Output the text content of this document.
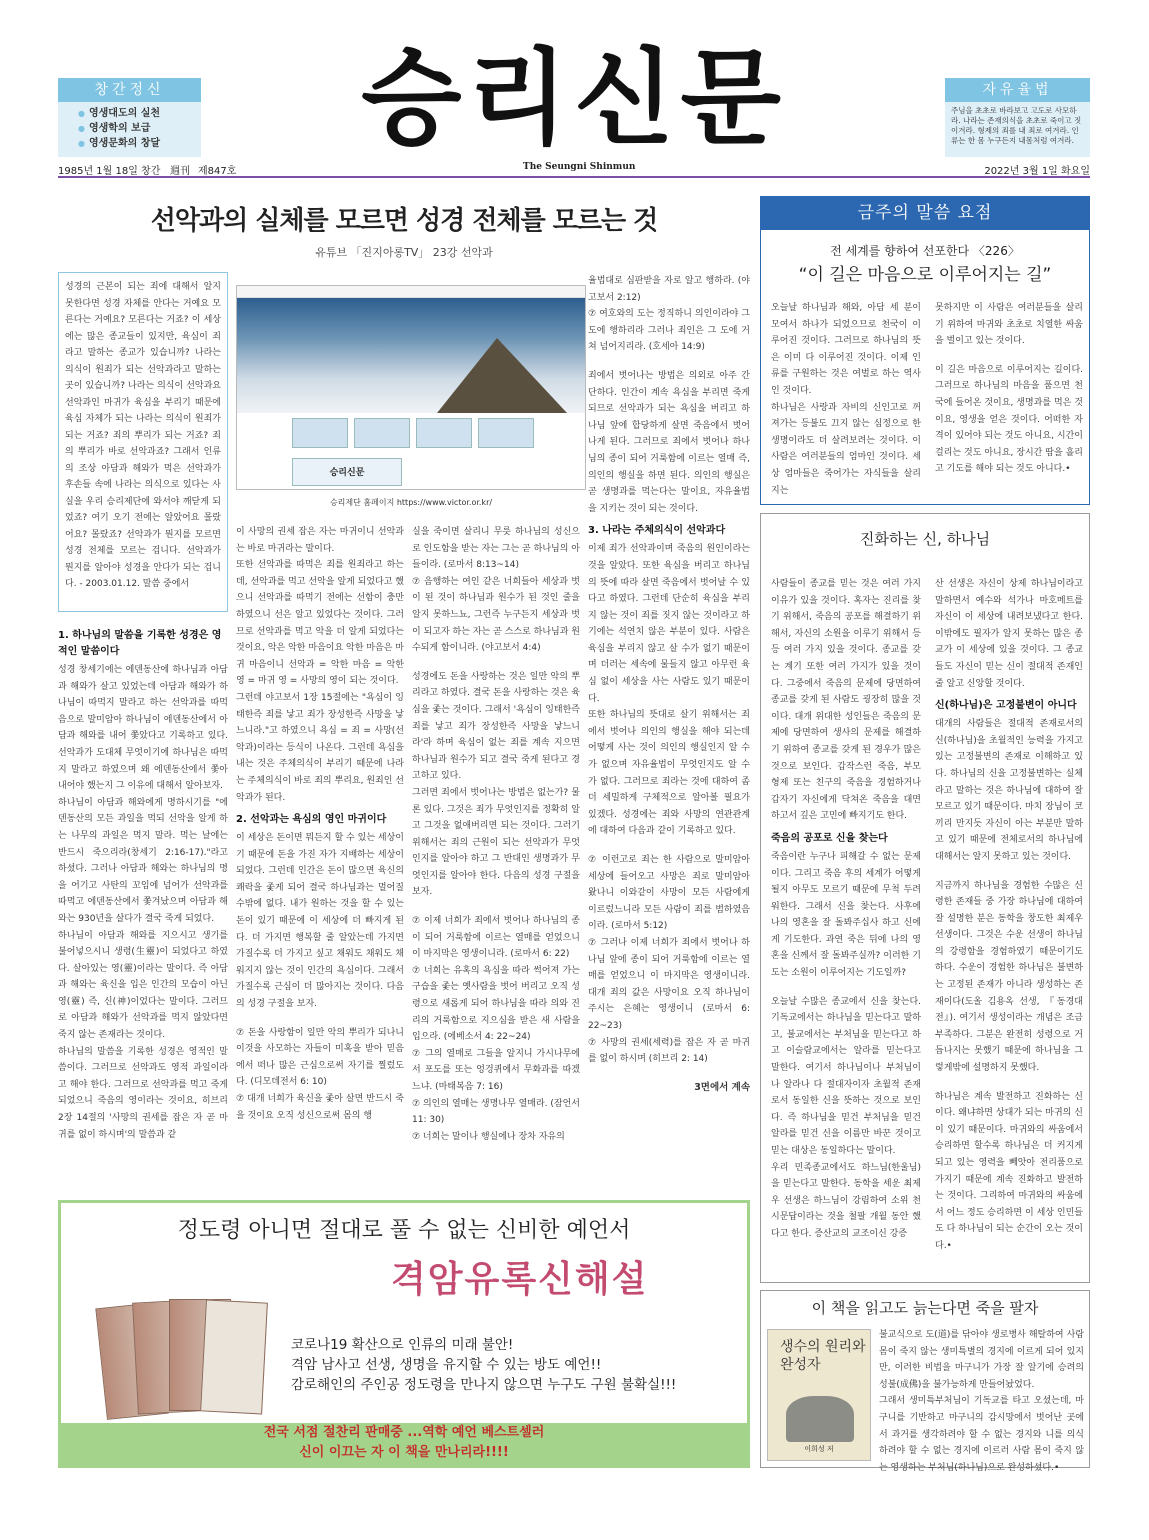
창간정신
● 영생대도의 실천
● 영생학의 보급
● 영생문화의 창달	승리신문	자유율법
주님을 초초로 바라보고 고도로 사모하라. 나라는 존재의식을 초초로 죽이고 짓이겨라. 형제의 죄를 내 죄로 여겨라. 인류는 한 몸 누구든지 내몸처럼 여겨라.
1985년 1월 18일 창간 週刊 제847호	The Seungni Shinmun	2022년 3월 1일 화요일
선악과의 실체를 모르면 성경 전체를 모르는 것
유튜브 「진지아롱TV」 23강 선악과

성경의 근본이 되는 죄에 대해서 알지 못한다면 성경 자체를 안다는 거예요 모른다는 거예요? 모른다는 거죠? 이 세상에는 많은 종교들이 있지만, 육심이 죄라고 말하는 종교가 있습니까? 나라는 의식이 원죄가 되는 선악과라고 말하는 곳이 있습니까? 나라는 의식이 선악과요 선악과인 마귀가 육심을 부리기 때문에 육심 자체가 되는 나라는 의식이 원죄가 되는 거죠? 죄의 뿌리가 되는 거죠? 죄의 뿌리가 바로 선악과죠? 그래서 인류의 조상 아담과 해와가 먹은 선악과가 후손들 속에 나라는 의식으로 있다는 사실을 우리 승리제단에 와서야 깨닫게 되었죠? 여기 오기 전에는 알았어요 몰랐어요? 몰랐죠? 선악과가 뭔지를 모르면 성경 전체를 모르는 겁니다. 선악과가 뭔지를 알아야 성경을 안다가 되는 겁니다. - 2003.01.12. 말씀 중에서

승리신문
승리제단 홈페이지 https://www.victor.or.kr/
1. 하나님의 말씀을 기록한 성경은 영적인 말씀이다

성경 창세기에는 에덴동산에 하나님과 아담과 해와가 살고 있었는데 아담과 해와가 하나님이 따먹지 말라고 하는 선악과를 따먹음으로 말미암아 하나님이 에덴동산에서 아담과 해와를 내어 쫓았다고 기록하고 있다. 선악과가 도대체 무엇이기에 하나님은 따먹지 말라고 하였으며 왜 에덴동산에서 쫓아내어야 했는지 그 이유에 대해서 알아보자.

하나님이 아담과 해와에게 명하시기를 "에덴동산의 모든 과일을 먹되 선악을 알게 하는 나무의 과일은 먹지 말라. 먹는 날에는 반드시 죽으리라(창세기 2:16-17)."라고 하셨다. 그러나 아담과 해와는 하나님의 명을 어기고 사탄의 꼬임에 넘어가 선악과를 따먹고 에덴동산에서 쫓겨났으며 아담과 해와는 930년을 살다가 결국 죽게 되었다.

하나님이 아담과 해와를 지으시고 생기를 불어넣으시니 생령(生靈)이 되었다고 하였다. 살아있는 영(靈)이라는 말이다. 즉 아담과 해와는 육신을 입은 인간의 모습이 아닌 영(靈) 즉, 신(神)이었다는 말이다. 그러므로 아담과 해와가 선악과를 먹지 않았다면 죽지 않는 존재라는 것이다.

하나님의 말씀을 기록한 성경은 영적인 말씀이다. 그러므로 선악과도 영적 과일이라고 해야 한다. 그러므로 선악과를 먹고 죽게 되었으니 죽음의 영이라는 것이요, 히브리 2장 14절의 '사망의 권세를 잡은 자 곧 마귀를 없이 하시며'의 말씀과 같

이 사망의 권세 잡은 자는 마귀이니 선악과는 바로 마귀라는 말이다.

또한 선악과를 따먹은 죄를 원죄라고 하는데, 선악과를 먹고 선악을 알게 되었다고 했으니 선악과를 따먹기 전에는 선함이 충만하였으니 선은 알고 있었다는 것이다. 그러므로 선악과를 먹고 악을 더 알게 되었다는 것이요, 악은 악한 마음이요 악한 마음은 마귀 마음이니 선악과 = 악한 마음 = 악한 영 = 마귀 영 = 사망의 영이 되는 것이다.

그런데 야고보서 1장 15절에는 "욕심이 잉태한즉 죄를 낳고 죄가 장성한즉 사망을 낳느니라."고 하였으니 욕심 = 죄 = 사망(선악과)이라는 등식이 나온다. 그런데 욕심을 내는 것은 주체의식이 부리기 때문에 나라는 주체의식이 바로 죄의 뿌리요, 원죄인 선악과가 된다.

2. 선악과는 욕심의 영인 마귀이다

이 세상은 돈이면 뭐든지 할 수 있는 세상이기 때문에 돈을 가진 자가 지배하는 세상이 되었다. 그런데 인간은 돈이 많으면 육신의 쾌락을 좇게 되어 결국 하나님과는 멀어질 수밖에 없다. 내가 원하는 것을 할 수 있는 돈이 있기 때문에 이 세상에 더 빠지게 된다. 더 가지면 행복할 줄 알았는데 가지면 가질수록 더 가지고 싶고 채워도 채워도 채워지지 않는 것이 인간의 욕심이다. 그래서 가질수록 근심이 더 많아지는 것이다. 다음의 성경 구절을 보자.

⑦ 돈을 사랑함이 일만 악의 뿌리가 되나니 이것을 사모하는 자들이 미혹을 받아 믿음에서 떠나 많은 근심으로써 자기를 찔렀도다. (디모데전서 6: 10)

⑦ 대개 너희가 육신을 좇아 살면 반드시 죽을 것이요 오직 성신으로써 몸의 행

실을 죽이면 살리니 무릇 하나님의 성신으로 인도함을 받는 자는 그는 곧 하나님의 아들이라. (로마서 8:13~14)

⑦ 음행하는 여인 같은 너희들아 세상과 벗이 된 것이 하나님과 원수가 된 것인 줄을 알지 못하느뇨, 그런즉 누구든지 세상과 벗이 되고자 하는 자는 곧 스스로 하나님과 원수되게 함이니라. (야고보서 4:4)

성경에도 돈을 사랑하는 것은 일만 악의 뿌리라고 하였다. 결국 돈을 사랑하는 것은 육심을 좇는 것이다. 그래서 '욕심이 잉태한즉 죄를 낳고 죄가 장성한즉 사망을 낳느니라'라 하며 육심이 없는 죄를 계속 지으면 하나님과 원수가 되고 결국 죽게 된다고 경고하고 있다.

그러면 죄에서 벗어나는 방법은 없는가? 물론 있다. 그것은 죄가 무엇인지를 정확히 알고 그것을 없애버리면 되는 것이다. 그러기 위해서는 죄의 근원이 되는 선악과가 무엇인지를 알아야 하고 그 반대인 생명과가 무엇인지를 알아야 한다. 다음의 성경 구절을 보자.

⑦ 이제 너희가 죄에서 벗어나 하나님의 종이 되어 거룩함에 이르는 열매를 얻었으니 이 마지막은 영생이니라. (로마서 6: 22)

⑦ 너희는 유혹의 욕심을 따라 썩어져 가는 구습을 좇는 옛사람을 벗어 버리고 오직 성령으로 새롭게 되어 하나님을 따라 의와 진리의 거룩함으로 지으심을 받은 새 사람을 입으라. (에베소서 4: 22~24)

⑦ 그의 열매로 그들을 알지니 가시나무에서 포도를 또는 엉겅퀴에서 무화과를 따겠느냐. (마태복음 7: 16)

⑦ 의인의 열매는 생명나무 열매라. (잠언서 11: 30)

⑦ 너희는 말이나 행실에나 장차 자유의

율법대로 심판받을 자로 알고 행하라. (야고보서 2:12)

⑦ 여호와의 도는 정직하니 의인이라야 그 도에 행하리라 그러나 죄인은 그 도에 거쳐 넘어지리라. (호세아 14:9)

죄에서 벗어나는 방법은 의외로 아주 간단하다. 인간이 계속 욕심을 부리면 죽게 되므로 선악과가 되는 욕심을 버리고 하나님 앞에 합당하게 살면 죽음에서 벗어나게 된다. 그러므로 죄에서 벗어나 하나님의 종이 되어 거룩함에 이르는 열매 즉, 의인의 행실을 하면 된다. 의인의 행실은 곧 생명과를 먹는다는 말이요, 자유율법을 지키는 것이 되는 것이다.

3. 나라는 주체의식이 선악과다

이제 죄가 선악과이며 죽음의 원인이라는 것을 알았다. 또한 육심을 버리고 하나님의 뜻에 따라 살면 죽음에서 벗어날 수 있다고 하였다. 그런데 단순히 육심을 부리지 않는 것이 죄를 짓지 않는 것이라고 하기에는 석연치 않은 부분이 있다. 사람은 육심을 부리지 않고 살 수가 없기 때문이며 더러는 세속에 물들지 않고 아무런 육심 없이 세상을 사는 사람도 있기 때문이다.

또한 하나님의 뜻대로 살기 위해서는 죄에서 벗어나 의인의 행실을 해야 되는데 어떻게 사는 것이 의인의 행실인지 알 수가 없으며 자유율법이 무엇인지도 알 수가 없다. 그러므로 죄라는 것에 대하여 좀 더 세밀하게 구체적으로 알아볼 필요가 있겠다. 성경에는 죄와 사망의 연관관계에 대하여 다음과 같이 기록하고 있다.

⑦ 이런고로 죄는 한 사람으로 말미암아 세상에 들어오고 사망은 죄로 말미암아 왔나니 이와같이 사망이 모든 사람에게 이르렀느니라 모든 사람이 죄를 범하였음이라. (로마서 5:12)

⑦ 그러나 이제 너희가 죄에서 벗어나 하나님 앞에 종이 되어 거룩함에 이르는 열매를 얻었으니 이 마지막은 영생이니라. 대개 죄의 값은 사망이요 오직 하나님이 주시는 은혜는 영생이니 (로마서 6: 22~23)

⑦ 사망의 권세(세력)를 잡은 자 곧 마귀를 없이 하시며 (히브리 2: 14)

3면에서 계속

금주의 말씀 요점
전 세계를 향하여 선포한다 〈226〉
“이 길은 마음으로 이루어지는 길”

오늘날 하나님과 해와, 아담 세 분이 모여서 하나가 되었으므로 천국이 이루어진 것이다. 그러므로 하나님의 뜻은 이미 다 이루어진 것이다. 이제 인류를 구원하는 것은 여벌로 하는 역사인 것이다.

하나님은 사랑과 자비의 신인고로 꺼져가는 등불도 끄지 않는 심정으로 한 생명이라도 더 살려보려는 것이다. 이 사람은 여러분들의 엄마인 것이다. 세상 엄마들은 죽어가는 자식들을 살리지는

못하지만 이 사람은 여러분들을 살리기 위하여 마귀와 초초로 치열한 싸움을 벌이고 있는 것이다.

이 길은 마음으로 이루어지는 길이다. 그러므로 하나님의 마음을 품으면 천국에 들어온 것이요, 생명과를 먹은 것이요, 영생을 얻은 것이다. 어떠한 자격이 있어야 되는 것도 아니요, 시간이 걸리는 것도 아니요, 장시간 땀을 흘리고 기도를 해야 되는 것도 아니다.•

진화하는 신, 하나님

사람들이 종교를 믿는 것은 여러 가지 이유가 있을 것이다. 혹자는 진리를 찾기 위해서, 죽음의 공포를 해결하기 위해서, 자신의 소원을 이루기 위해서 등등 여러 가지 있을 것이다. 종교를 갖는 계기 또한 여러 가지가 있을 것이다. 그중에서 죽음의 문제에 당면하여 종교를 갖게 된 사람도 굉장히 많을 것이다. 대개 위대한 성인들은 죽음의 문제에 당면하여 생사의 문제를 해결하기 위하여 종교를 갖게 된 경우가 많은 것으로 보인다. 갑작스런 죽음, 부모 형제 또는 친구의 죽음을 경험하거나 갑자기 자신에게 닥쳐온 죽음을 대면하고서 깊은 고민에 빠지기도 한다.

죽음의 공포로 신을 찾는다

죽음이란 누구나 피해갈 수 없는 문제이다. 그리고 죽음 후의 세계가 어떻게 될지 아무도 모르기 때문에 무척 두려워한다. 그래서 신을 찾는다. 사후에 나의 영혼을 잘 돌봐주십사 하고 신에게 기도한다. 과연 죽은 뒤에 나의 영혼을 신께서 잘 돌봐주실까? 이러한 기도는 소원이 이루어지는 기도일까?

오늘날 수많은 종교에서 신을 찾는다. 기독교에서는 하나님을 믿는다고 말하고, 불교에서는 부처님을 믿는다고 하고 이슬람교에서는 알라를 믿는다고 말한다. 여기서 하나님이나 부처님이나 알라나 다 절대자이자 초월적 존재로서 동일한 신을 뜻하는 것으로 보인다. 즉 하나님을 믿건 부처님을 믿건 알라를 믿건 신을 이름만 바꾼 것이고 믿는 대상은 동일하다는 말이다.

우리 민족종교에서도 하느님(한울님)을 믿는다고 말한다. 동학을 세운 최제우 선생은 하느님이 강림하여 소위 천시문답이라는 것을 철팔 개월 동안 했다고 한다. 증산교의 교조이신 강증

산 선생은 자신이 상제 하나님이라고 말하면서 예수와 석가나 마호메트를 자신이 이 세상에 내려보냈다고 한다. 이밖에도 필자가 알지 못하는 많은 종교가 이 세상에 있을 것이다. 그 종교들도 자신이 믿는 신이 절대적 존재인 줄 알고 신앙할 것이다.

신(하나님)은 고정불변이 아니다

대개의 사람들은 절대적 존재로서의 신(하나님)을 초월적인 능력을 가지고 있는 고정불변의 존재로 이해하고 있다. 하나님의 신을 고정불변하는 실체라고 말하는 것은 하나님에 대하여 잘 모르고 있기 때문이다. 마치 장님이 코끼리 만지듯 자신이 아는 부분만 말하고 있기 때문에 전체로서의 하나님에 대해서는 알지 못하고 있는 것이다.

지금까지 하나님을 경험한 수많은 신령한 존재들 중 가장 하나님에 대하여 잘 설명한 분은 동학을 창도한 최제우 선생이다. 그것은 수운 선생이 하나님의 강령함을 경험하였기 때문이기도 하다. 수운이 경험한 하나님은 불변하는 고정된 존재가 아니라 생성하는 존재이다(도올 김용옥 선생, 『동경대전』). 여기서 생성이라는 개념은 조금 부족하다. 그분은 완전히 성령으로 거듭나지는 못했기 때문에 하나님을 그렇게밖에 설명하지 못했다.

하나님은 계속 발전하고 진화하는 신이다. 왜냐하면 상대가 되는 마귀의 신이 있기 때문이다. 마귀와의 싸움에서 승리하면 할수록 하나님은 더 커지게 되고 있는 영력을 빼앗아 전리품으로 가지기 때문에 계속 진화하고 발전하는 것이다. 그리하여 마귀와의 싸움에서 어느 정도 승리하면 이 세상 인민들도 다 하나님이 되는 순간이 오는 것이다.•

이 책을 읽고도 늙는다면 죽을 팔자
생수의 원리와 완성자
이희성 저

불교식으로 도(道)를 닦아야 생로병사 해탈하여 사람 몸이 죽지 않는 생미특별의 경지에 이르게 되어 있지만, 이러한 비법을 마구니가 가장 잘 알기에 승려의 성불(成佛)을 불가능하게 만들어놨었다.

그래서 생미특부처님이 기독교를 타고 오셨는데, 마구니를 기반하고 마구니의 감시망에서 벗어난 곳에서 과거를 생각하려야 할 수 없는 경지와 니를 의식하려야 할 수 없는 경지에 이르러 사람 몸이 죽지 않는 영생하는 부처님(하나님)으로 완성하셨다.•

정도령 아니면 절대로 풀 수 없는 신비한 예언서
격암유록신해설
코로나19 확산으로 인류의 미래 불안!
격암 남사고 선생, 생명을 유지할 수 있는 방도 예언!!
감로해인의 주인공 정도령을 만나지 않으면 누구도 구원 불확실!!!
전국 서점 절찬리 판매중 ...역학 예언 베스트셀러
신이 이끄는 자 이 책을 만나리라!!!!
